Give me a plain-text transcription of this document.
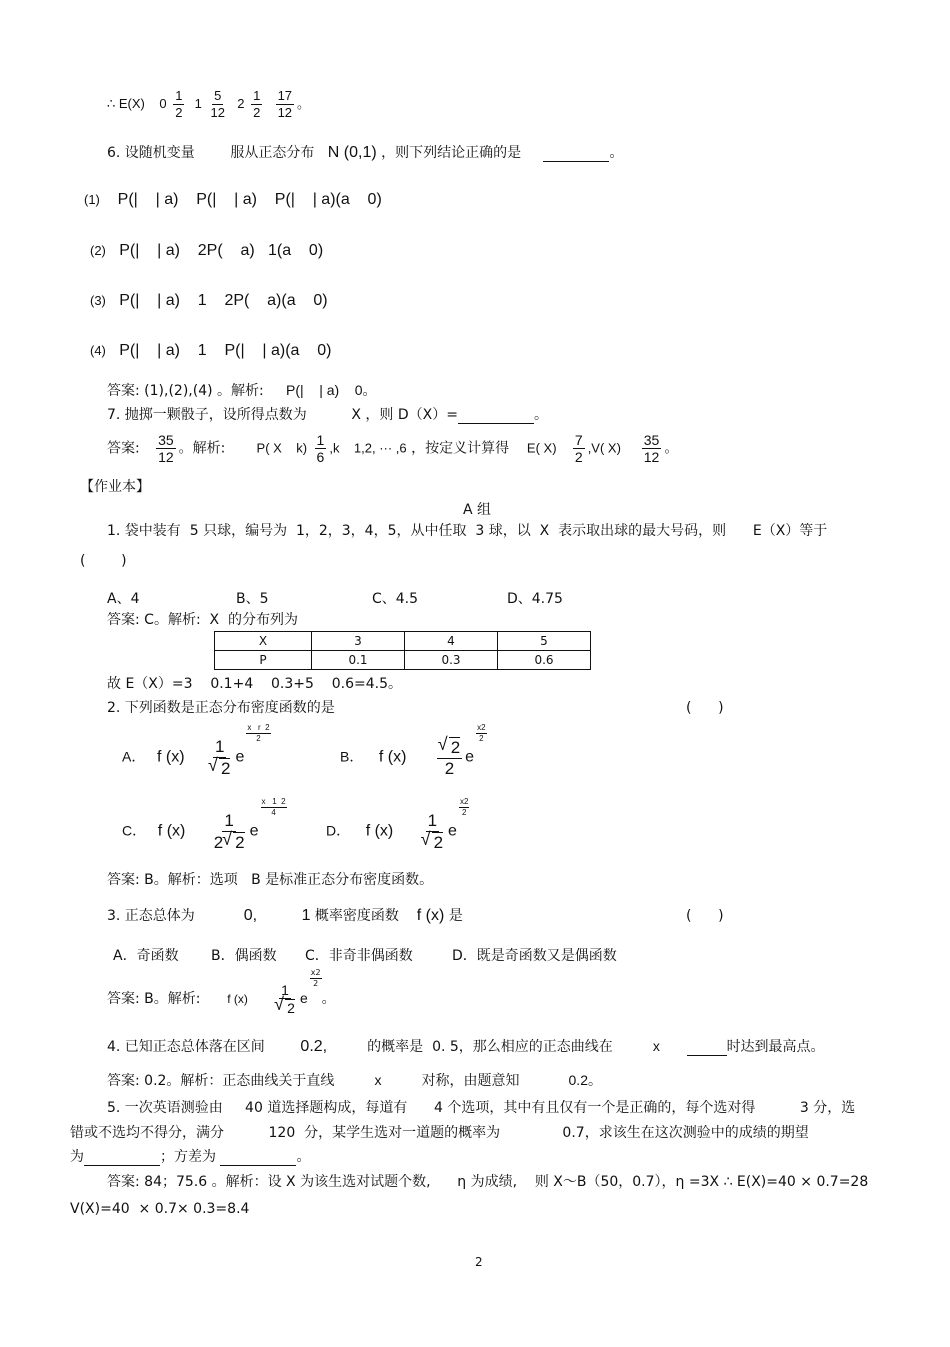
∴ E(X) $0 \frac{1}{2} 1 \frac{5}{12} 2 \frac{1}{2}$
$\frac{17}{12}$ 。
6. 设随机变量	服从正态分布 N (0,1) ，则下列结论正确的是	。
(1) P(|    | a)    P(|    | a)    P(|    | a)(a    0)
(2) P(|    | a)    2P(    a)   1(a    0)
(3) P(|    | a)    1    2P(    a)(a    0)
(4) P(|    | a)    1    P(|    | a)(a    0)
答案: (1),(2),(4) 。解析: P(|    | a)    0。
7. 抛掷一颗骰子，设所得点数为	X ，则 D（X）=	。
答案: $\frac{35}{12}$ 。解析: P( X    $k) \frac{1}{6} ,k$    1,2, ··· ,6 ，按定义计算得 E( $X) \frac{7}{2} ,V$( $X) \frac{35}{12}$ 。
【作业本】
A 组
1. 袋中装有  5 只球，编号为  1，2，3，4，5，从中任取  3 球，以  X  表示取出球的最大号码，则      E（X）等于
(        )
A、4	B、5	C、4.5	D、4.75
答案: C。解析:  X  的分布列为
X	3	4	5
P	0.1	0.3	0.6
故 E（X）=3    0.1+4    0.3+5    0.6=4.5。
2. 下列函数是正态分布密度函数的是	(      )
A． f (x) 1
√ 2 e
$\frac{\text{x   r  2}}{2}$
B． f (x) √ $\frac{2}{2}$ e
$\frac{x2}{2}$
C． f $(x) \frac{1}{2 √ 2}$ e
$\frac{x 1 2}{4}$
D． f (x) 1
√ 2 e
$\frac{x2}{2}$
答案: B。解析：选项   B 是标准正态分布密度函数。
3. 正态总体为	0,          1 概率密度函数 f (x) 是	(      )
A．奇函数 B．偶函数 C．非奇非偶函数	D．既是奇函数又是偶函数
答案: B。解析: f (x) 1
√ 2 e
$\frac{x2}{2}$
。
4. 已知正态总体落在区间 0.2,	的概率是  0. 5，那么相应的正态曲线在	x	时达到最高点。
答案: 0.2。解析：正态曲线关于直线	x	对称，由题意知	0.2。
5. 一次英语测验由     40 道选择题构成，每道有      4 个选项，其中有且仅有一个是正确的，每个选对得          3 分，选
错或不选均不得分，满分          120  分，某学生选对一道题的概率为              0.7，求该生在这次测验中的成绩的期望
为	；方差为	。
答案: 84；75.6 。解析：设 X 为该生选对试题个数,      η 为成绩,    则 X～B（50，0.7），η =3X ∴ E(X)=40 × 0.7=28
V(X)=40  × 0.7× 0.3=8.4
2
